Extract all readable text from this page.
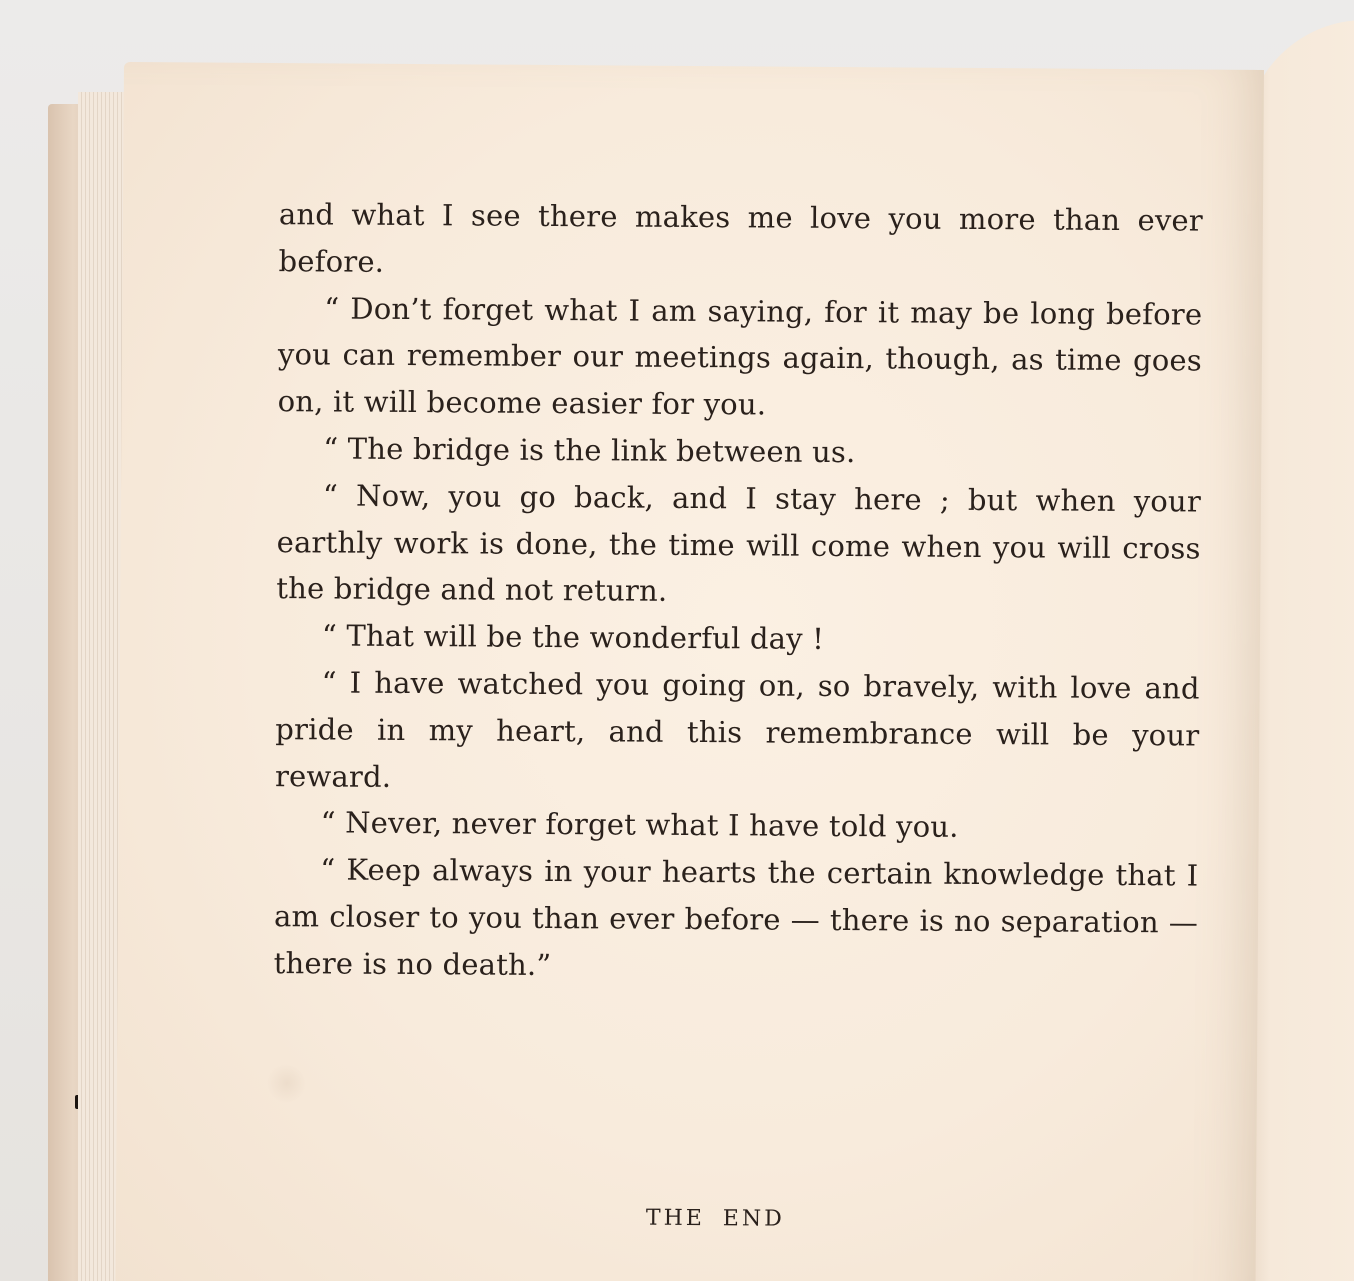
and what I see there makes me love you more than ever before.

“ Don’t forget what I am saying, for it may be long before you can remember our meetings again, though, as time goes on, it will become easier for you.

“ The bridge is the link between us.

“ Now, you go back, and I stay here ; but when your earthly work is done, the time will come when you will cross the bridge and not return.

“ That will be the wonderful day !

“ I have watched you going on, so bravely, with love and pride in my heart, and this remembrance will be your reward.

“ Never, never forget what I have told you.

“ Keep always in your hearts the certain knowledge that I am closer to you than ever before — there is no separation — there is no death.”

THE END
